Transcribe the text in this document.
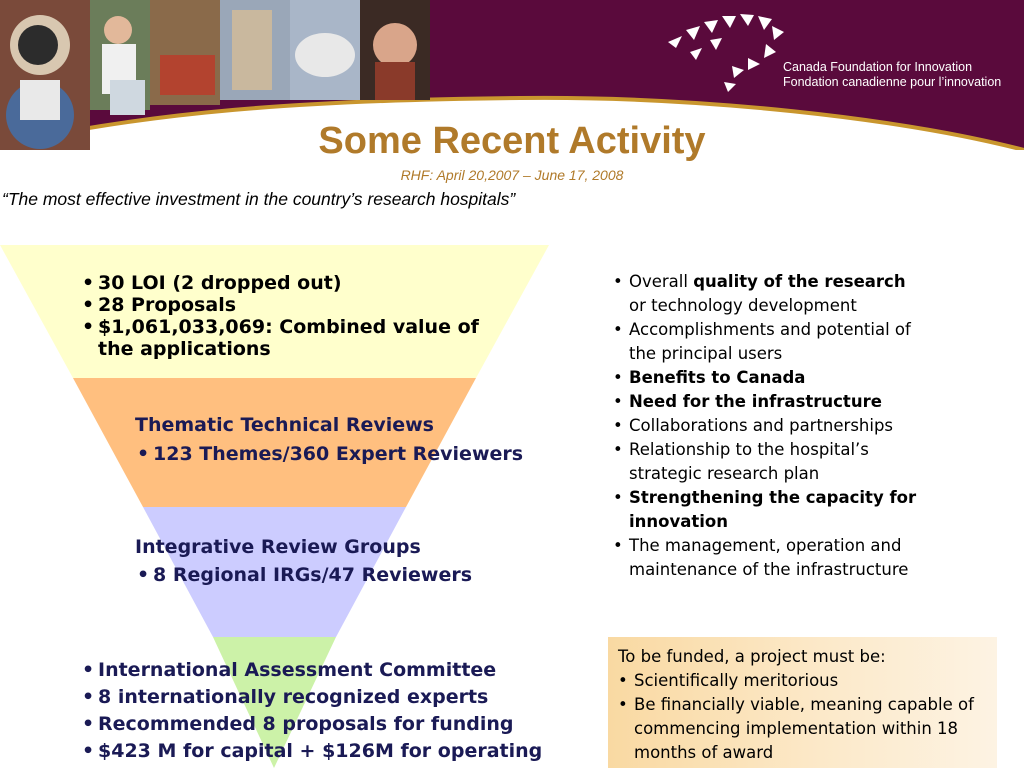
Canada Foundation for Innovation
Fondation canadienne pour l’innovation
Some Recent Activity
RHF: April 20,2007 – June 17, 2008
“The most effective investment in the country’s research hospitals”
• 30 LOI (2 dropped out)
• 28 Proposals
• $1,061,033,069: Combined value of the applications
Thematic Technical Reviews
• 123 Themes/360 Expert Reviewers
Integrative Review Groups
• 8 Regional IRGs/47 Reviewers
• International Assessment Committee
• 8 internationally recognized experts
• Recommended 8 proposals for funding
• $423 M for capital + $126M for operating
• Overall quality of the research or technology development
• Accomplishments and potential of the principal users
• Benefits to Canada
• Need for the infrastructure
• Collaborations and partnerships
• Relationship to the hospital’s strategic research plan
• Strengthening the capacity for innovation
• The management, operation and maintenance of the infrastructure
To be funded, a project must be:
• Scientifically meritorious
• Be financially viable, meaning capable of commencing implementation within 18 months of award
